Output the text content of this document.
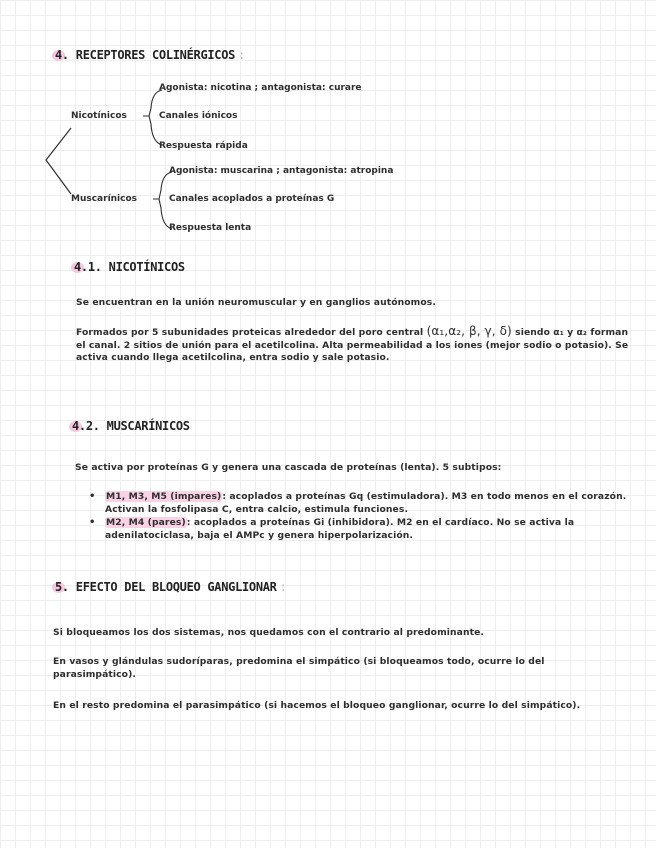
4. RECEPTORES COLINÉRGICOS :
Nicotínicos
Agonista: nicotina ; antagonista: curare
Canales iónicos
Respuesta rápida
Muscarínicos
Agonista: muscarina ; antagonista: atropina
Canales acoplados a proteínas G
Respuesta lenta
4.1. NICOTÍNICOS
Se encuentran en la unión neuromuscular y en ganglios autónomos.
Formados por 5 subunidades proteicas alrededor del poro central (α₁,α₂, β, γ, δ) siendo α₁ y α₂ forman el canal. 2 sitios de unión para el acetilcolina. Alta permeabilidad a los iones (mejor sodio o potasio). Se activa cuando llega acetilcolina, entra sodio y sale potasio.
4.2. MUSCARÍNICOS
Se activa por proteínas G y genera una cascada de proteínas (lenta). 5 subtipos:
• M1, M3, M5 (impares): acoplados a proteínas Gq (estimuladora). M3 en todo menos en el corazón. Activan la fosfolipasa C, entra calcio, estimula funciones.
• M2, M4 (pares): acoplados a proteínas Gi (inhibidora). M2 en el cardíaco. No se activa la adenilatociclasa, baja el AMPc y genera hiperpolarización.
5. EFECTO DEL BLOQUEO GANGLIONAR :
Si bloqueamos los dos sistemas, nos quedamos con el contrario al predominante.
En vasos y glándulas sudoríparas, predomina el simpático (si bloqueamos todo, ocurre lo del parasimpático).
En el resto predomina el parasimpático (si hacemos el bloqueo ganglionar, ocurre lo del simpático).
